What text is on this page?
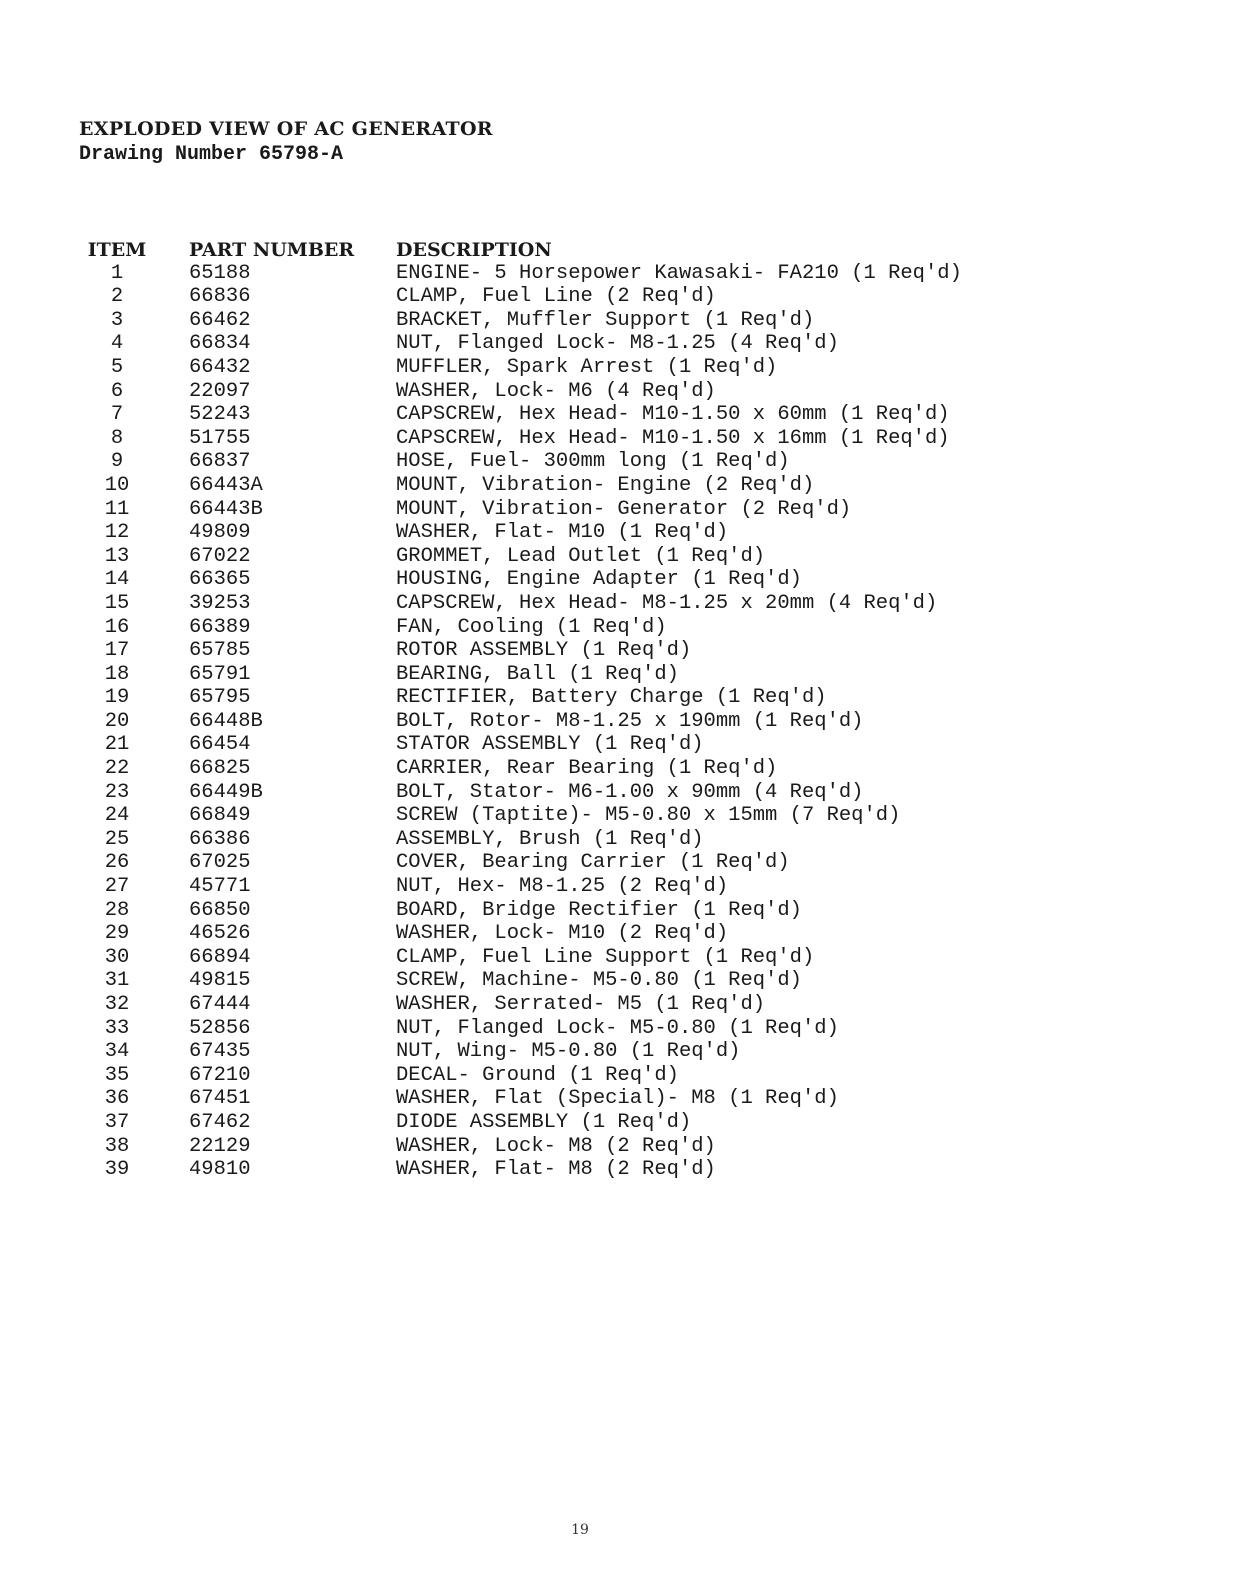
EXPLODED VIEW OF AC GENERATOR
Drawing Number 65798-A
ITEM	PART NUMBER	DESCRIPTION
1	65188	ENGINE- 5 Horsepower Kawasaki- FA210 (1 Req'd)
2	66836	CLAMP, Fuel Line (2 Req'd)
3	66462	BRACKET, Muffler Support (1 Req'd)
4	66834	NUT, Flanged Lock- M8-1.25 (4 Req'd)
5	66432	MUFFLER, Spark Arrest (1 Req'd)
6	22097	WASHER, Lock- M6 (4 Req'd)
7	52243	CAPSCREW, Hex Head- M10-1.50 x 60mm (1 Req'd)
8	51755	CAPSCREW, Hex Head- M10-1.50 x 16mm (1 Req'd)
9	66837	HOSE, Fuel- 300mm long (1 Req'd)
10	66443A	MOUNT, Vibration- Engine (2 Req'd)
11	66443B	MOUNT, Vibration- Generator (2 Req'd)
12	49809	WASHER, Flat- M10 (1 Req'd)
13	67022	GROMMET, Lead Outlet (1 Req'd)
14	66365	HOUSING, Engine Adapter (1 Req'd)
15	39253	CAPSCREW, Hex Head- M8-1.25 x 20mm (4 Req'd)
16	66389	FAN, Cooling (1 Req'd)
17	65785	ROTOR ASSEMBLY (1 Req'd)
18	65791	BEARING, Ball (1 Req'd)
19	65795	RECTIFIER, Battery Charge (1 Req'd)
20	66448B	BOLT, Rotor- M8-1.25 x 190mm (1 Req'd)
21	66454	STATOR ASSEMBLY (1 Req'd)
22	66825	CARRIER, Rear Bearing (1 Req'd)
23	66449B	BOLT, Stator- M6-1.00 x 90mm (4 Req'd)
24	66849	SCREW (Taptite)- M5-0.80 x 15mm (7 Req'd)
25	66386	ASSEMBLY, Brush (1 Req'd)
26	67025	COVER, Bearing Carrier (1 Req'd)
27	45771	NUT, Hex- M8-1.25 (2 Req'd)
28	66850	BOARD, Bridge Rectifier (1 Req'd)
29	46526	WASHER, Lock- M10 (2 Req'd)
30	66894	CLAMP, Fuel Line Support (1 Req'd)
31	49815	SCREW, Machine- M5-0.80 (1 Req'd)
32	67444	WASHER, Serrated- M5 (1 Req'd)
33	52856	NUT, Flanged Lock- M5-0.80 (1 Req'd)
34	67435	NUT, Wing- M5-0.80 (1 Req'd)
35	67210	DECAL- Ground (1 Req'd)
36	67451	WASHER, Flat (Special)- M8 (1 Req'd)
37	67462	DIODE ASSEMBLY (1 Req'd)
38	22129	WASHER, Lock- M8 (2 Req'd)
39	49810	WASHER, Flat- M8 (2 Req'd)
19
